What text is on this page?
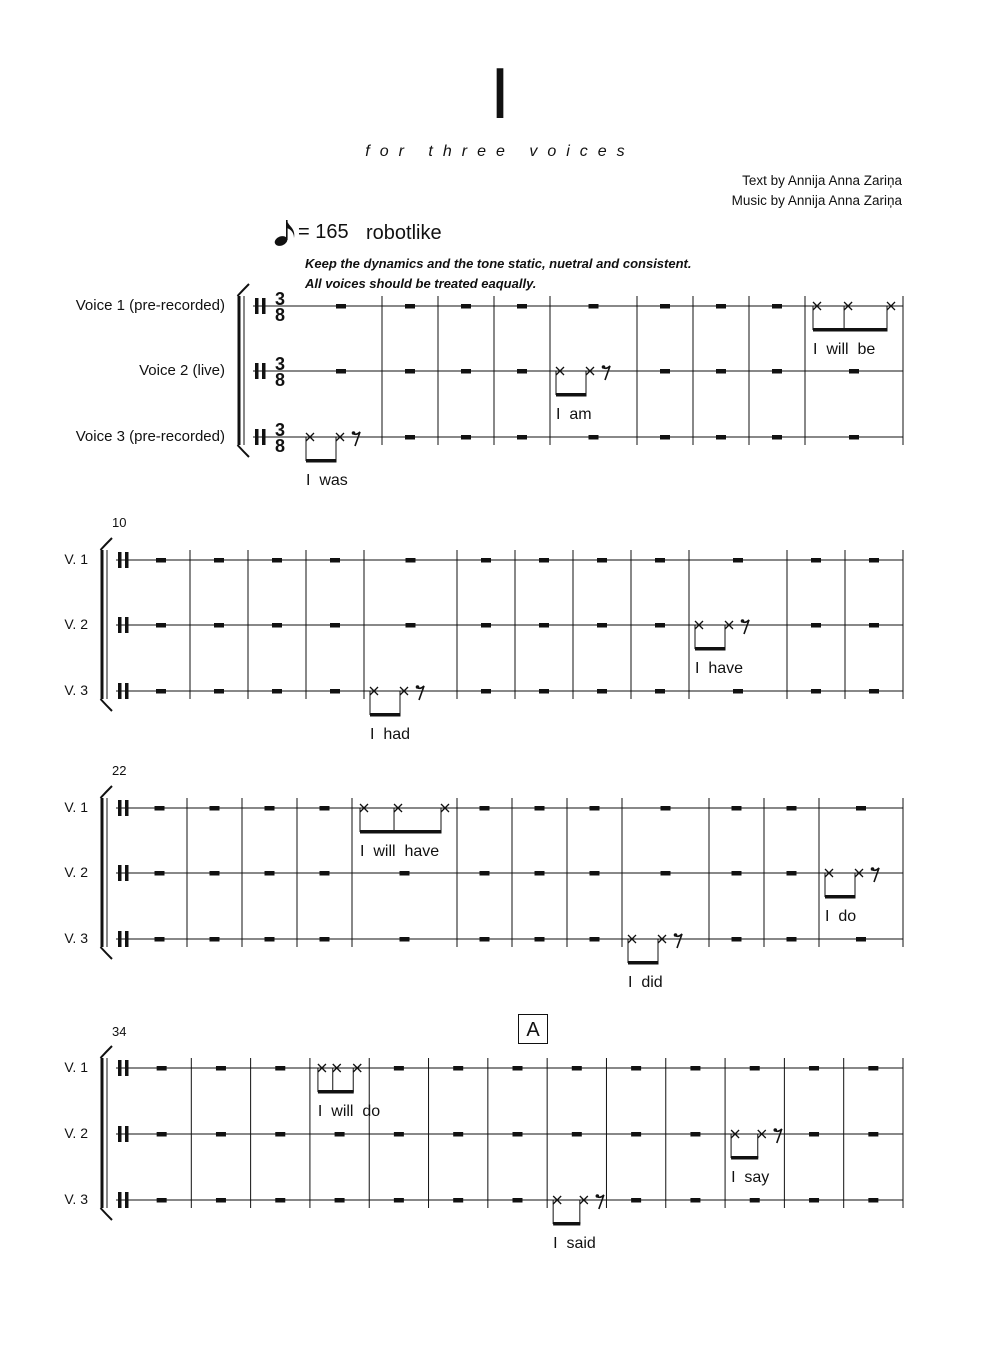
I
for three voices
Text by Annija Anna Zariņa
Music by Annija Anna Zariņa
= 165 robotlike
Keep the dynamics and the tone static, nuetral and consistent.
All voices should be treated eaqually.
A
Voice 1 (pre-recorded)
Voice 2 (live)
Voice 3 (pre-recorded)
3
8
3
8
3
8
I  was
I  am
I  will  be
10
V. 1
V. 2
V. 3
I  had
I  have
22
V. 1
V. 2
V. 3
I  will  have
I  did
I  do
34
V. 1
V. 2
V. 3
I  will  do
I  said
I  say
